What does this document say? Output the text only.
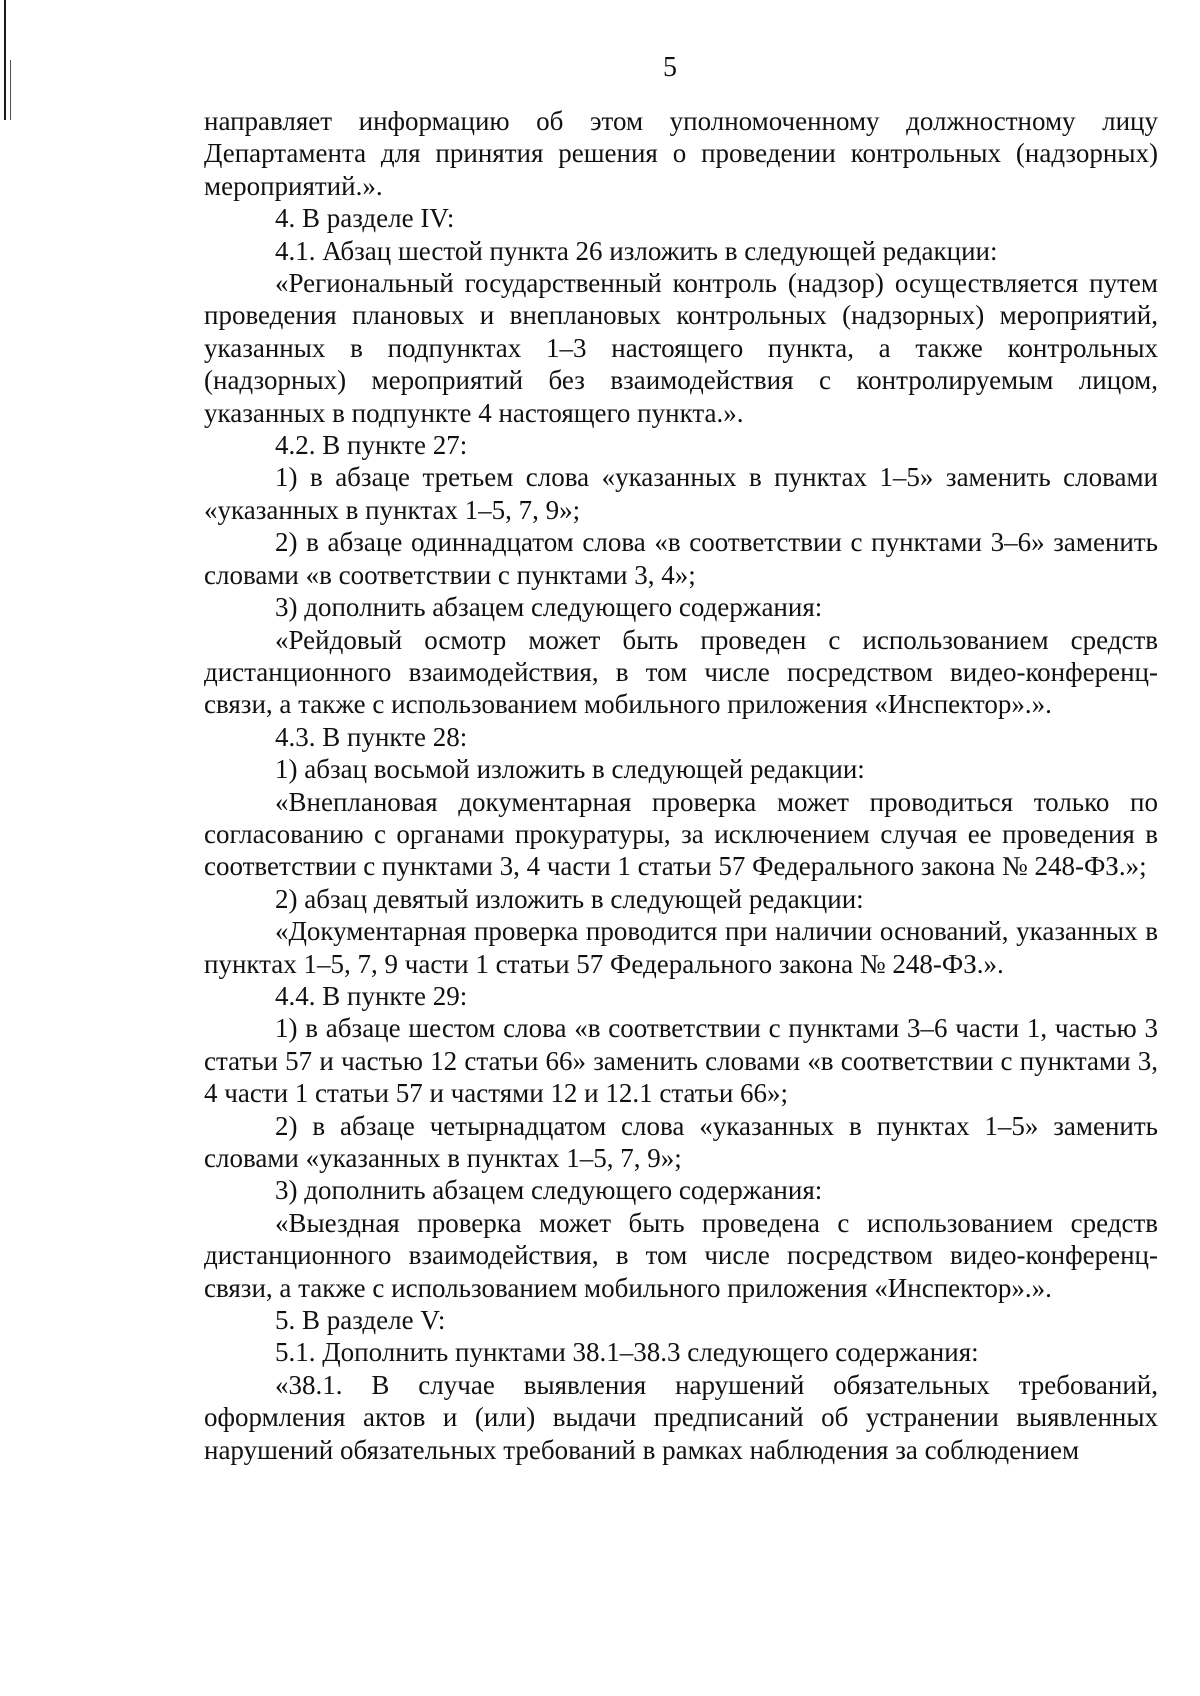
5

направляет информацию об этом уполномоченному должностному лицу Департамента для принятия решения о проведении контрольных (надзорных) мероприятий.».

4. В разделе IV:

4.1. Абзац шестой пункта 26 изложить в следующей редакции:

«Региональный государственный контроль (надзор) осуществляется путем проведения плановых и внеплановых контрольных (надзорных) мероприятий, указанных в подпунктах 1–3 настоящего пункта, а также контрольных (надзорных) мероприятий без взаимодействия с контролируемым лицом, указанных в подпункте 4 настоящего пункта.».

4.2. В пункте 27:

1) в абзаце третьем слова «указанных в пунктах 1–5» заменить словами «указанных в пунктах 1–5, 7, 9»;

2) в абзаце одиннадцатом слова «в соответствии с пунктами 3–6» заменить словами «в соответствии с пунктами 3, 4»;

3) дополнить абзацем следующего содержания:

«Рейдовый осмотр может быть проведен с использованием средств дистанционного взаимодействия, в том числе посредством видео-конференц-связи, а также с использованием мобильного приложения «Инспектор».».

4.3. В пункте 28:

1) абзац восьмой изложить в следующей редакции:

«Внеплановая документарная проверка может проводиться только по согласованию с органами прокуратуры, за исключением случая ее проведения в соответствии с пунктами 3, 4 части 1 статьи 57 Федерального закона № 248-ФЗ.»;

2) абзац девятый изложить в следующей редакции:

«Документарная проверка проводится при наличии оснований, указанных в пунктах 1–5, 7, 9 части 1 статьи 57 Федерального закона № 248-ФЗ.».

4.4. В пункте 29:

1) в абзаце шестом слова «в соответствии с пунктами 3–6 части 1, частью 3 статьи 57 и частью 12 статьи 66» заменить словами «в соответствии с пунктами 3, 4 части 1 статьи 57 и частями 12 и 12.1 статьи 66»;

2) в абзаце четырнадцатом слова «указанных в пунктах 1–5» заменить словами «указанных в пунктах 1–5, 7, 9»;

3) дополнить абзацем следующего содержания:

«Выездная проверка может быть проведена с использованием средств дистанционного взаимодействия, в том числе посредством видео-конференц-связи, а также с использованием мобильного приложения «Инспектор».».

5. В разделе V:

5.1. Дополнить пунктами 38.1–38.3 следующего содержания:

«38.1. В случае выявления нарушений обязательных требований, оформления актов и (или) выдачи предписаний об устранении выявленных нарушений обязательных требований в рамках наблюдения за соблюдением
